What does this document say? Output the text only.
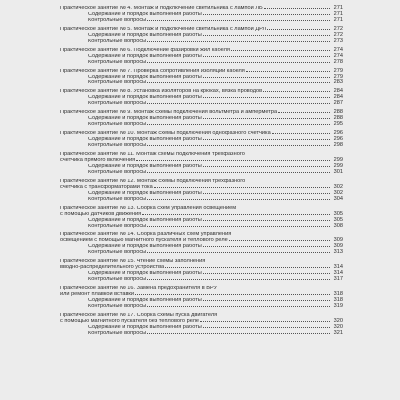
Практическое занятие № 4. Монтаж и подключение светильника с лампой ЛБ	271
Содержание и порядок выполнения работы	271
Контрольные вопросы	271
Практическое занятие № 5. Монтаж и подключение светильника с лампой ДРЛ	272
Содержание и порядок выполнения работы	272
Контрольные вопросы	273
Практическое занятие № 6. Подключение фазировки жил кабеля	274
Содержание и порядок выполнения работы	274
Контрольные вопросы	278
Практическое занятие № 7. Проверка сопротивления изоляции кабеля	279
Содержание и порядок выполнения работы	279
Контрольные вопросы	283
Практическое занятие № 8. Установка изоляторов на крюках, вязка проводов	284
Содержание и порядок выполнения работы	284
Контрольные вопросы	287
Практическое занятие № 9. Монтаж схемы подключения вольтметра и амперметра	288
Содержание и порядок выполнения работы	288
Контрольные вопросы	295
Практическое занятие № 10. Монтаж схемы подключения однофазного счетчика	296
Содержание и порядок выполнения работы	296
Контрольные вопросы	298
Практическое занятие № 11. Монтаж схемы подключения трехфазного
счетчика прямого включения	299
Содержание и порядок выполнения работы	299
Контрольные вопросы	301
Практическое занятие № 12. Монтаж схемы подключения трехфазного
счетчика с трансформаторами тока	302
Содержание и порядок выполнения работы	302
Контрольные вопросы	304
Практическое занятие № 13. Сборка схем управления освещением
с помощью датчиков движения	305
Содержание и порядок выполнения работы	305
Контрольные вопросы	308
Практическое занятие № 14. Сборка различных схем управления
освещением с помощью магнитного пускателя и теплового реле	309
Содержание и порядок выполнения работы	309
Контрольные вопросы	313
Практическое занятие № 15. Чтение схемы заполнения
вводно-распределительного устройства	314
Содержание и порядок выполнения работы	314
Контрольные вопросы	317
Практическое занятие № 16. Замена предохранителя в ВРУ
или ремонт плавкой вставки	318
Содержание и порядок выполнения работы	318
Контрольные вопросы	319
Практическое занятие № 17. Сборка схемы пуска двигателя
с помощью магнитного пускателя без теплового реле	320
Содержание и порядок выполнения работы	320
Контрольные вопросы	321
